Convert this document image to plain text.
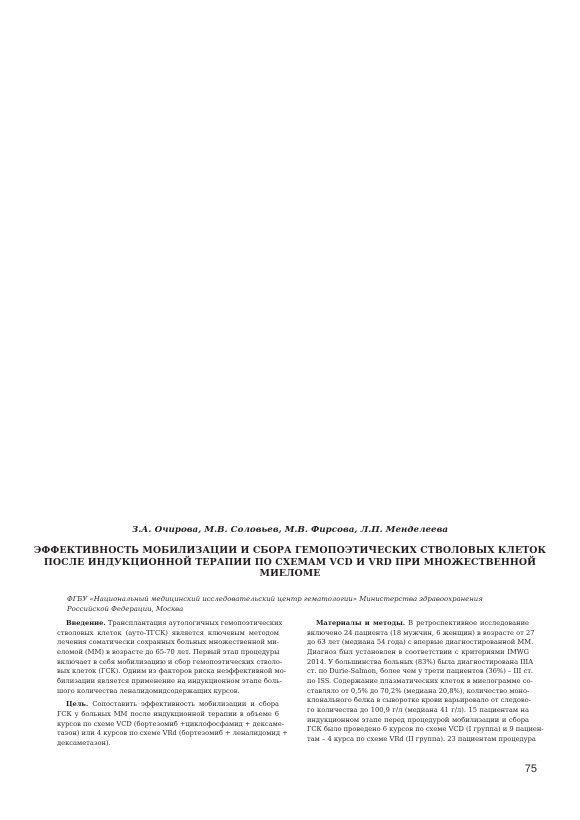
З.А. Очирова, М.В. Соловьев, М.В. Фирсова, Л.П. Менделеева
ЭФФЕКТИВНОСТЬ МОБИЛИЗАЦИИ И СБОРА ГЕМОПОЭТИЧЕСКИХ СТВОЛОВЫХ КЛЕТОК
ПОСЛЕ ИНДУКЦИОННОЙ ТЕРАПИИ ПО СХЕМАМ VCD И VRD ПРИ МНОЖЕСТВЕННОЙ
МИЕЛОМЕ
ФГБУ «Национальный медицинский исследовательский центр гематологии» Министерства здравоохранения
Российской Федерации, Москва
Введение. Трансплантация аутологичных гемопоэтических
стволовых клеток (ауто-ТГСК) является ключевым методом
лечения соматически сохранных больных множественной ми-
еломой (ММ) в возрасте до 65-70 лет. Первый этап процедуры
включает в себя мобилизацию и сбор гемопоэтических стволо-
вых клеток (ГСК). Одним из факторов риска неэффективной мо-
билизации является применение на индукционном этапе боль-
шого количества леналидомидсодержащих курсов.
Цель. Сопоставить эффективность мобилизации и сбора
ГСК у больных ММ после индукционной терапии в объеме 6
курсов по схеме VCD (бортезомиб +циклофосфамид + дексаме-
тазон) или 4 курсов по схеме VRd (бортезомиб + леналидомид +
дексаметазон).
Материалы и методы. В ретроспективное исследование
включено 24 пациента (18 мужчин, 6 женщин) в возрасте от 27
до 63 лет (медиана 54 года) с впервые диагностированной ММ.
Диагноз был установлен в соответствии с критериями IMWG
2014. У большинства больных (83%) была диагностирована IIIА
ст. по Durie-Salmon, более чем у трети пациентов (36%) – III ст.
по ISS. Содержание плазматических клеток в миелограмме со-
ставляло от 0,5% до 70,2% (медиана 20,8%), количество моно-
клонального белка в сыворотке крови варьировало от следово-
го количества до 100,9 г/л (медиана 41 г/л). 15 пациентам на
индукционном этапе перед процедурой мобилизации и сбора
ГСК было проведено 6 курсов по схеме VCD (I группа) и 9 пациен-
там – 4 курса по схеме VRd (II группа). 23 пациентам процедура
75
